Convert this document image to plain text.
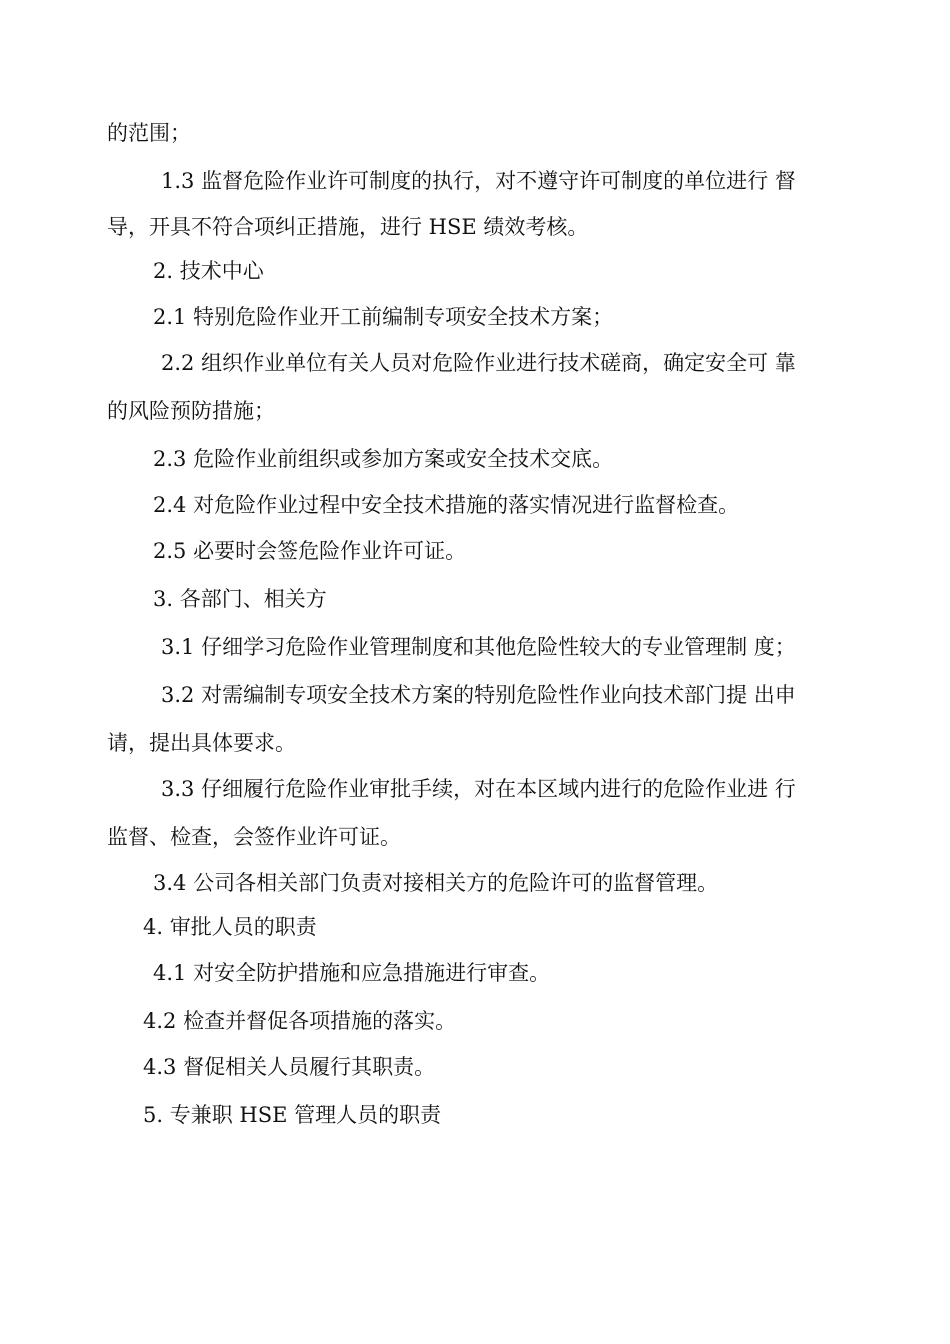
的范围；
1.3 监督危险作业许可制度的执行，对不遵守许可制度的单位进行 督
导，开具不符合项纠正措施，进行 HSE 绩效考核。
2. 技术中心
2.1 特别危险作业开工前编制专项安全技术方案；
2.2 组织作业单位有关人员对危险作业进行技术磋商，确定安全可 靠
的风险预防措施；
2.3 危险作业前组织或参加方案或安全技术交底。
2.4 对危险作业过程中安全技术措施的落实情况进行监督检查。
2.5 必要时会签危险作业许可证。
3. 各部门、相关方
3.1 仔细学习危险作业管理制度和其他危险性较大的专业管理制 度；
3.2 对需编制专项安全技术方案的特别危险性作业向技术部门提 出申
请，提出具体要求。
3.3 仔细履行危险作业审批手续，对在本区域内进行的危险作业进 行
监督、检查，会签作业许可证。
3.4 公司各相关部门负责对接相关方的危险许可的监督管理。
4. 审批人员的职责
4.1 对安全防护措施和应急措施进行审查。
4.2 检查并督促各项措施的落实。
4.3 督促相关人员履行其职责。
5. 专兼职 HSE 管理人员的职责
